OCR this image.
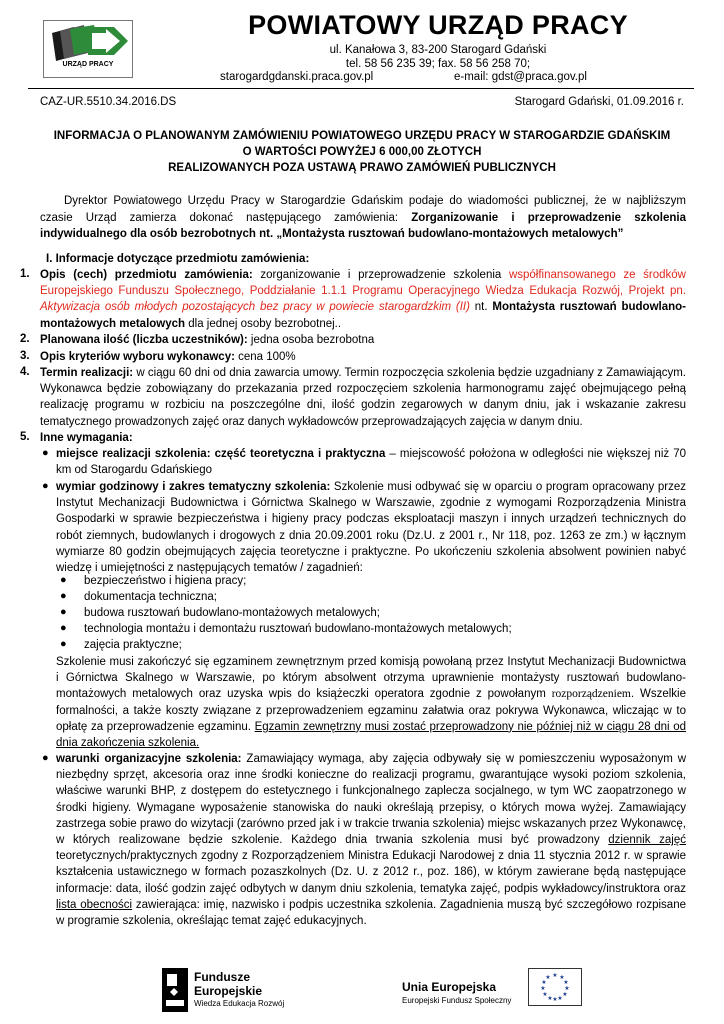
URZĄD PRACY
POWIATOWY URZĄD PRACY
ul. Kanałowa 3, 83-200 Starogard Gdański
tel. 58 56 235 39; fax. 58 56 258 70;
starogardgdanski.praca.gov.pl	e-mail: gdst@praca.gov.pl
CAZ-UR.5510.34.2016.DS	Starogard Gdański, 01.09.2016 r.
INFORMACJA O PLANOWANYM ZAMÓWIENIU POWIATOWEGO URZĘDU PRACY W STAROGARDZIE GDAŃSKIM
O WARTOŚCI POWYŻEJ 6 000,00 ZŁOTYCH
REALIZOWANYCH POZA USTAWĄ PRAWO ZAMÓWIEŃ PUBLICZNYCH
Dyrektor Powiatowego Urzędu Pracy w Starogardzie Gdańskim podaje do wiadomości publicznej, że w najbliższym czasie Urząd zamierza dokonać następującego zamówienia: Zorganizowanie i przeprowadzenie szkolenia indywidualnego dla osób bezrobotnych nt. „Montażysta rusztowań budowlano-montażowych metalowych”
I. Informacje dotyczące przedmiotu zamówienia:
1. Opis (cech) przedmiotu zamówienia: zorganizowanie i przeprowadzenie szkolenia współfinansowanego ze środków Europejskiego Funduszu Społecznego, Poddziałanie 1.1.1 Programu Operacyjnego Wiedza Edukacja Rozwój, Projekt pn. Aktywizacja osób młodych pozostających bez pracy w powiecie starogardzkim (II) nt. Montażysta rusztowań budowlano-montażowych metalowych dla jednej osoby bezrobotnej..
2. Planowana ilość (liczba uczestników): jedna osoba bezrobotna
3. Opis kryteriów wyboru wykonawcy: cena 100%
4. Termin realizacji: w ciągu 60 dni od dnia zawarcia umowy. Termin rozpoczęcia szkolenia będzie uzgadniany z Zamawiającym. Wykonawca będzie zobowiązany do przekazania przed rozpoczęciem szkolenia harmonogramu zajęć obejmującego pełną realizację programu w rozbiciu na poszczególne dni, ilość godzin zegarowych w danym dniu, jak i wskazanie zakresu tematycznego prowadzonych zajęć oraz danych wykładowców przeprowadzających zajęcia w danym dniu.
5. Inne wymagania:
● miejsce realizacji szkolenia: część teoretyczna i praktyczna – miejscowość położona w odległości nie większej niż 70 km od Starogardu Gdańskiego
● wymiar godzinowy i zakres tematyczny szkolenia: Szkolenie musi odbywać się w oparciu o program opracowany przez Instytut Mechanizacji Budownictwa i Górnictwa Skalnego w Warszawie, zgodnie z wymogami Rozporządzenia Ministra Gospodarki w sprawie bezpieczeństwa i higieny pracy podczas eksploatacji maszyn i innych urządzeń technicznych do robót ziemnych, budowlanych i drogowych z dnia 20.09.2001 roku (Dz.U. z 2001 r., Nr 118, poz. 1263 ze zm.) w łącznym wymiarze 80 godzin obejmujących zajęcia teoretyczne i praktyczne. Po ukończeniu szkolenia absolwent powinien nabyć wiedzę i umiejętności z następujących tematów / zagadnień:
● bezpieczeństwo i higiena pracy;
● dokumentacja techniczna;
● budowa rusztowań budowlano-montażowych metalowych;
● technologia montażu i demontażu rusztowań budowlano-montażowych metalowych;
● zajęcia praktyczne;
Szkolenie musi zakończyć się egzaminem zewnętrznym przed komisją powołaną przez Instytut Mechanizacji Budownictwa i Górnictwa Skalnego w Warszawie, po którym absolwent otrzyma uprawnienie montażysty rusztowań budowlano-montażowych metalowych oraz uzyska wpis do książeczki operatora zgodnie z powołanym rozporządzeniem. Wszelkie formalności, a także koszty związane z przeprowadzeniem egzaminu załatwia oraz pokrywa Wykonawca, wliczając w to opłatę za przeprowadzenie egzaminu. Egzamin zewnętrzny musi zostać przeprowadzony nie później niż w ciągu 28 dni od dnia zakończenia szkolenia.
● warunki organizacyjne szkolenia: Zamawiający wymaga, aby zajęcia odbywały się w pomieszczeniu wyposażonym w niezbędny sprzęt, akcesoria oraz inne środki konieczne do realizacji programu, gwarantujące wysoki poziom szkolenia, właściwe warunki BHP, z dostępem do estetycznego i funkcjonalnego zaplecza socjalnego, w tym WC zaopatrzonego w środki higieny. Wymagane wyposażenie stanowiska do nauki określają przepisy, o których mowa wyżej. Zamawiający zastrzega sobie prawo do wizytacji (zarówno przed jak i w trakcie trwania szkolenia) miejsc wskazanych przez Wykonawcę, w których realizowane będzie szkolenie. Każdego dnia trwania szkolenia musi być prowadzony dziennik zajęć teoretycznych/praktycznych zgodny z Rozporządzeniem Ministra Edukacji Narodowej z dnia 11 stycznia 2012 r. w sprawie kształcenia ustawicznego w formach pozaszkolnych (Dz. U. z 2012 r., poz. 186), w którym zawierane będą następujące informacje: data, ilość godzin zajęć odbytych w danym dniu szkolenia, tematyka zajęć, podpis wykładowcy/instruktora oraz lista obecności zawierająca: imię, nazwisko i podpis uczestnika szkolenia. Zagadnienia muszą być szczegółowo rozpisane w programie szkolenia, określając temat zajęć edukacyjnych.
Fundusze
Europejskie
Wiedza Edukacja Rozwój
Unia Europejska
Europejski Fundusz Społeczny
★ ★
★
★
★
★
★
★
★
★
★
★
